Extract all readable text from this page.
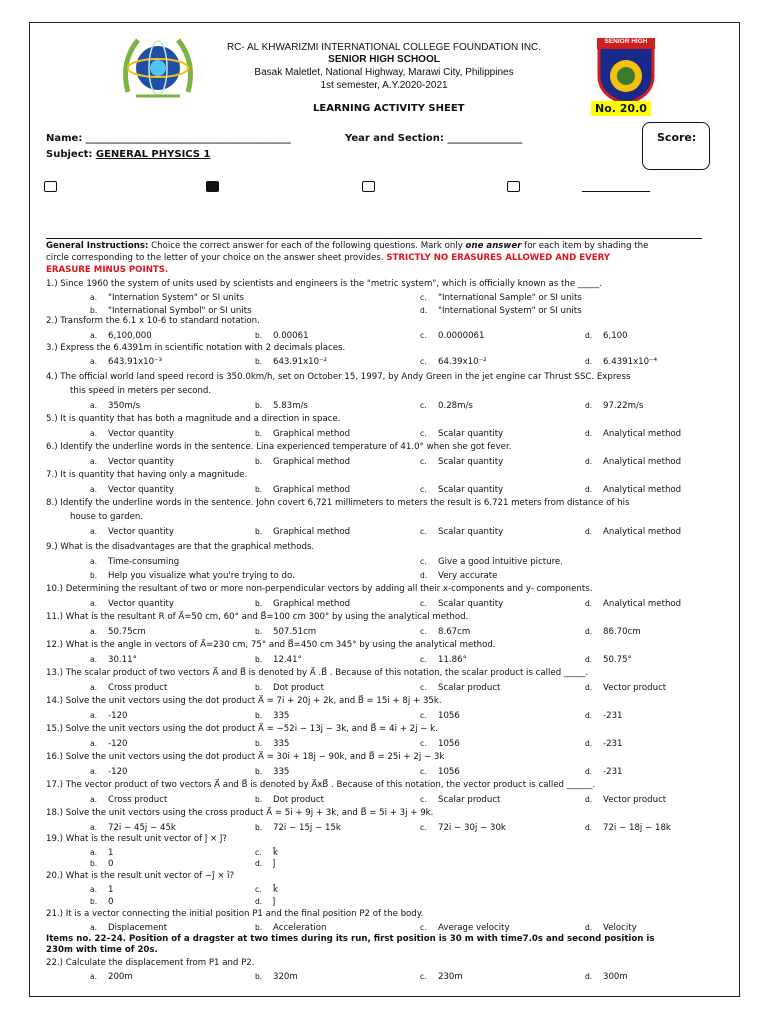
SENIOR HIGH
RC- AL KHWARIZMI INTERNATIONAL COLLEGE FOUNDATION INC.
SENIOR HIGH SCHOOL
Basak Maletlet, National Highway, Marawi City, Philippines
1st semester, A.Y.2020-2021
LEARNING ACTIVITY SHEET	No. 20.0
Name: _________________________________________	Year and Section: _______________
Subject: GENERAL PHYSICS 1
Score:
General Instructions: Choice the correct answer for each of the following questions. Mark only one answer for each item by shading the
circle corresponding to the letter of your choice on the answer sheet provides. STRICTLY NO ERASURES ALLOWED AND EVERY
ERASURE MINUS POINTS.
1.) Since 1960 the system of units used by scientists and engineers is the "metric system", which is officially known as the _____.
a. "Internation System" or SI units	c. "International Sample" or SI units
b. "International Symbol" or SI units	d. "International System" or SI units
2.) Transform the 6.1 x 10-6 to standard notation.
a. 6,100,000	b. 0.00061	c. 0.0000061	d. 6,100
3.) Express the 6.4391m in scientific notation with 2 decimals places.
a. 643.91x10⁻³	b. 643.91x10⁻²	c. 64.39x10⁻²	d. 6.4391x10⁻⁴
4.) The official world land speed record is 350.0km/h, set on October 15, 1997, by Andy Green in the jet engine car Thrust SSC. Express
this speed in meters per second.
a. 350m/s	b. 5.83m/s	c. 0.28m/s	d. 97.22m/s
5.) It is quantity that has both a magnitude and a direction in space.
a. Vector quantity	b. Graphical method	c. Scalar quantity	d. Analytical method
6.) Identify the underline words in the sentence. Lina experienced temperature of 41.0° when she got fever.
a. Vector quantity	b. Graphical method	c. Scalar quantity	d. Analytical method
7.) It is quantity that having only a magnitude.
a. Vector quantity	b. Graphical method	c. Scalar quantity	d. Analytical method
8.) Identify the underline words in the sentence. John covert 6,721 millimeters to meters the result is 6.721 meters from distance of his
house to garden.
a. Vector quantity	b. Graphical method	c. Scalar quantity	d. Analytical method
9.) What is the disadvantages are that the graphical methods.
a. Time-consuming	c. Give a good intuitive picture.
b. Help you visualize what you're trying to do.	d. Very accurate
10.) Determining the resultant of two or more non-perpendicular vectors by adding all their x-components and y- components.
a. Vector quantity	b. Graphical method	c. Scalar quantity	d. Analytical method
11.) What is the resultant R of A⃗=50 cm, 60° and B⃗=100 cm 300° by using the analytical method.
a. 50.75cm	b. 507.51cm	c. 8.67cm	d. 86.70cm
12.) What is the angle in vectors of A⃗=230 cm, 75° and B⃗=450 cm 345° by using the analytical method.
a. 30.11°	b. 12.41°	c. 11.86°	d. 50.75°
13.) The scalar product of two vectors A⃗ and B⃗ is denoted by A⃗ .B⃗ . Because of this notation, the scalar product is called _____.
a. Cross product	b. Dot product	c. Scalar product	d. Vector product
14.) Solve the unit vectors using the dot product A⃗ = 7i + 20j + 2k, and B⃗ = 15i + 8j + 35k.
a. -120	b. 335	c. 1056	d. -231
15.) Solve the unit vectors using the dot product A⃗ = −52i − 13j − 3k, and B⃗ = 4i + 2j − k.
a. -120	b. 335	c. 1056	d. -231
16.) Solve the unit vectors using the dot product A⃗ = 30i + 18j − 90k, and B⃗ = 25i + 2j − 3k
a. -120	b. 335	c. 1056	d. -231
17.) The vector product of two vectors A⃗ and B⃗ is denoted by A⃗xB⃗ . Because of this notation, the vector product is called ______.
a. Cross product	b. Dot product	c. Scalar product	d. Vector product
18.) Solve the unit vectors using the cross product A⃗ = 5i + 9j + 3k, and B⃗ = 5i + 3j + 9k.
a. 72i − 45j − 45k	b. 72i − 15j − 15k	c. 72i − 30j − 30k	d. 72i − 18j − 18k
19.) What is the result unit vector of ĵ × ĵ?
a. 1	c. k̂
b. 0	d. ĵ
20.) What is the result unit vector of −ĵ × î?
a. 1	c. k̂
b. 0	d. ĵ
21.) It is a vector connecting the initial position P1 and the final position P2 of the body.
a. Displacement	b. Acceleration	c. Average velocity	d. Velocity
22.) Calculate the displacement from P1 and P2.
a. 200m	b. 320m	c. 230m	d. 300m
Items no. 22–24. Position of a dragster at two times during its run, first position is 30 m with time7.0s and second position is
230m with time of 20s.
